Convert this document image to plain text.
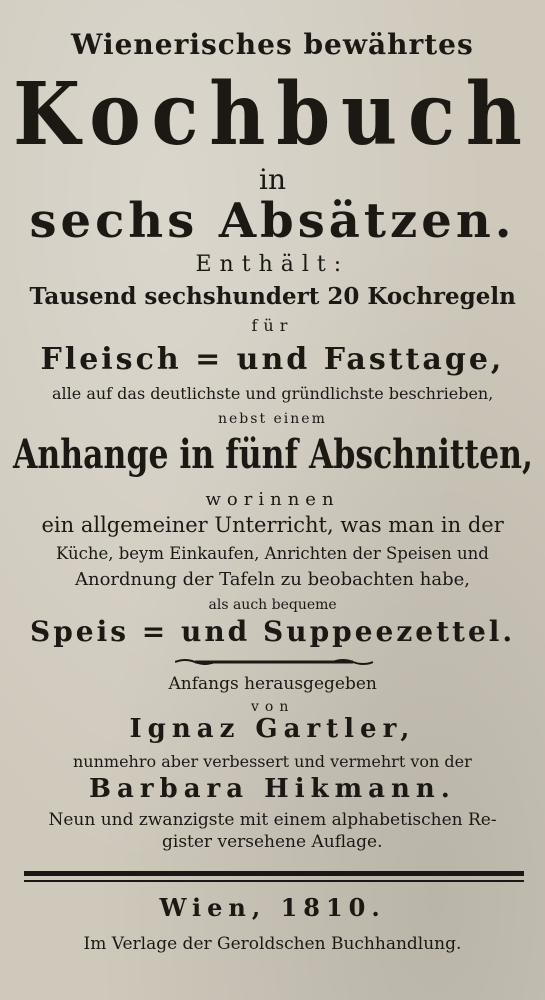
Wienerisches bewährtes
Kochbuch
in
sechs Absätzen.
Enthält:
Tausend sechshundert 20 Kochregeln
für
Fleisch = und Fasttage,
alle auf das deutlichste und gründlichste beschrieben,
nebst einem
Anhange in fünf Abschnitten,
worinnen
ein allgemeiner Unterricht, was man in der
Küche, beym Einkaufen, Anrichten der Speisen und
Anordnung der Tafeln zu beobachten habe,
als auch bequeme
Speis = und Suppeezettel.
Anfangs herausgegeben
von
Ignaz Gartler,
nunmehro aber verbessert und vermehrt von der
Barbara Hikmann.
Neun und zwanzigste mit einem alphabetischen Re-
gister versehene Auflage.
Wien, 1810.
Im Verlage der Geroldschen Buchhandlung.
